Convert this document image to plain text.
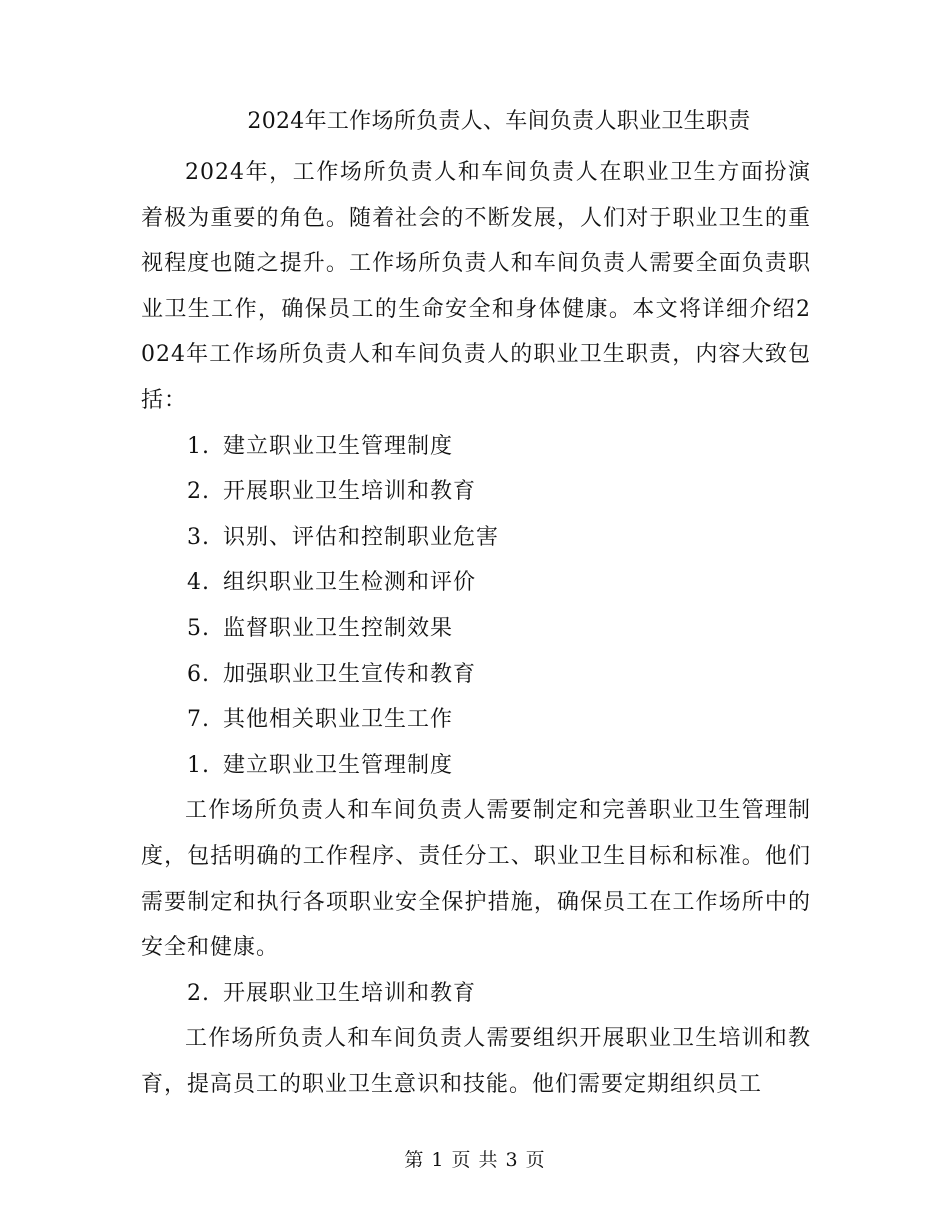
2024年工作场所负责人、车间负责人职业卫生职责

2024年，工作场所负责人和车间负责人在职业卫生方面扮演着极为重要的角色。随着社会的不断发展，人们对于职业卫生的重视程度也随之提升。工作场所负责人和车间负责人需要全面负责职业卫生工作，确保员工的生命安全和身体健康。本文将详细介绍2024年工作场所负责人和车间负责人的职业卫生职责，内容大致包括：

1. 建立职业卫生管理制度

2. 开展职业卫生培训和教育

3. 识别、评估和控制职业危害

4. 组织职业卫生检测和评价

5. 监督职业卫生控制效果

6. 加强职业卫生宣传和教育

7. 其他相关职业卫生工作

1. 建立职业卫生管理制度

工作场所负责人和车间负责人需要制定和完善职业卫生管理制度，包括明确的工作程序、责任分工、职业卫生目标和标准。他们需要制定和执行各项职业安全保护措施，确保员工在工作场所中的安全和健康。

2. 开展职业卫生培训和教育

工作场所负责人和车间负责人需要组织开展职业卫生培训和教育，提高员工的职业卫生意识和技能。他们需要定期组织员工

第 1 页 共 3 页
